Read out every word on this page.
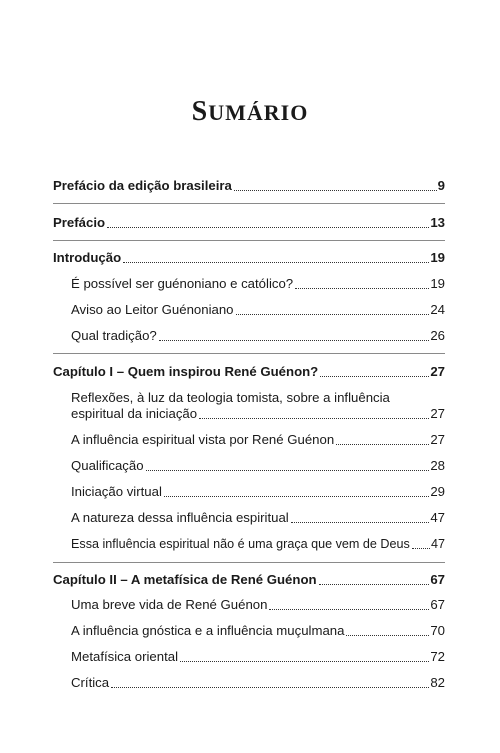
SUMÁRIO
Prefácio da edição brasileira	9
Prefácio	13
Introdução	19
É possível ser guénoniano e católico?	19
Aviso ao Leitor Guénoniano	24
Qual tradição?	26
Capítulo I – Quem inspirou René Guénon?	27
Reflexões, à luz da teologia tomista, sobre a influência
espiritual da iniciação	27
A influência espiritual vista por René Guénon	27
Qualificação	28
Iniciação virtual	29
A natureza dessa influência espiritual	47
Essa influência espiritual não é uma graça que vem de Deus 47
Capítulo II – A metafísica de René Guénon	67
Uma breve vida de René Guénon	67
A influência gnóstica e a influência muçulmana	70
Metafísica oriental	72
Crítica	82
